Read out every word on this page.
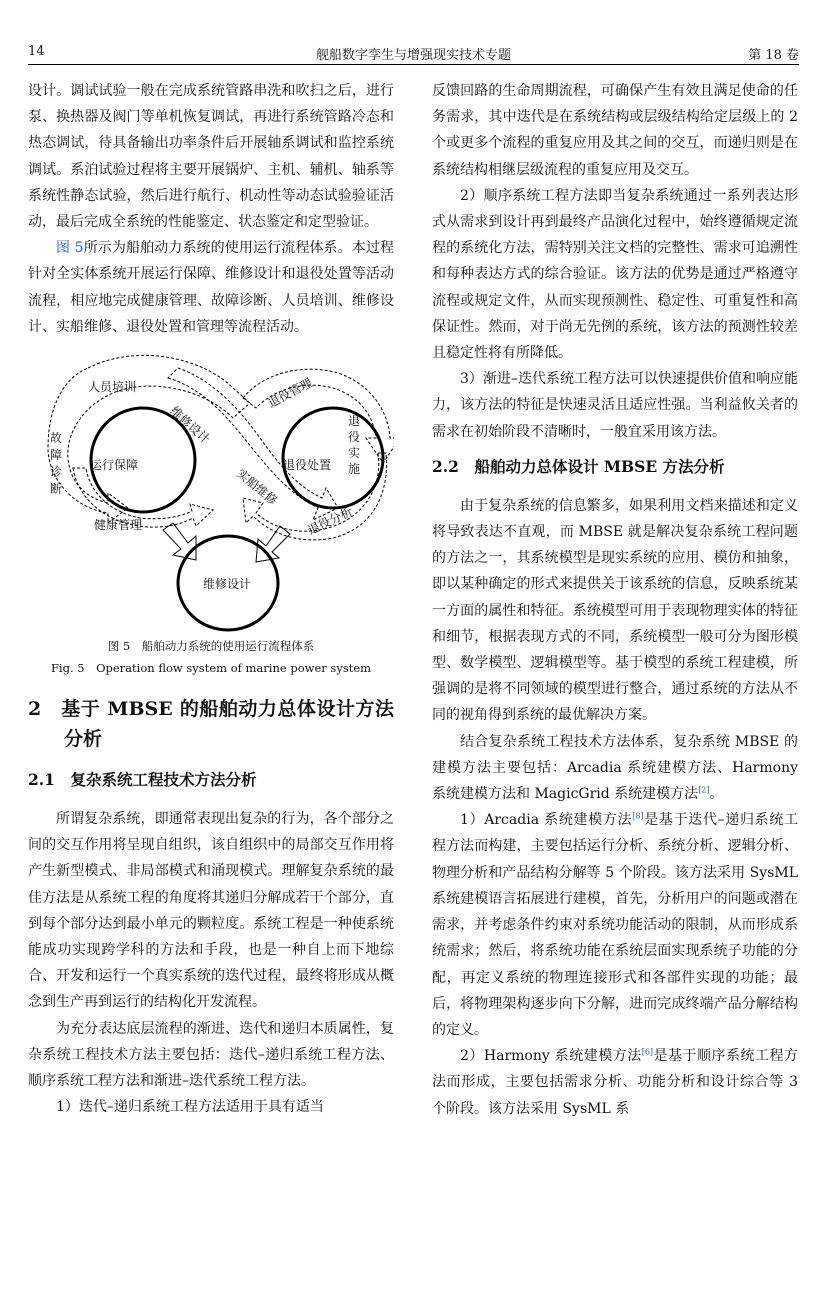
14	舰船数字孪生与增强现实技术专题	第 18 卷

设计。调试试验一般在完成系统管路串洗和吹扫之后，进行泵、换热器及阀门等单机恢复调试，再进行系统管路冷态和热态调试，待具备输出功率条件后开展轴系调试和监控系统调试。系泊试验过程将主要开展锅炉、主机、辅机、轴系等系统性静态试验，然后进行航行、机动性等动态试验验证活动，最后完成全系统的性能鉴定、状态鉴定和定型验证。

图 5所示为船舶动力系统的使用运行流程体系。本过程针对全实体系统开展运行保障、维修设计和退役处置等活动流程，相应地完成健康管理、故障诊断、人员培训、维修设计、实船维修、退役处置和管理等流程活动。

人员培训
故障诊断
运行保障
维修设计
退役管理
退役实施
退役处置
实船维修
退役分析
健康管理
维修设计
图 5　船舶动力系统的使用运行流程体系
Fig. 5　Operation flow system of marine power system
2　基于 MBSE 的船舶动力总体设计方法分析
2.1　复杂系统工程技术方法分析

所谓复杂系统，即通常表现出复杂的行为，各个部分之间的交互作用将呈现自组织，该自组织中的局部交互作用将产生新型模式、非局部模式和涌现模式。理解复杂系统的最佳方法是从系统工程的角度将其递归分解成若干个部分，直到每个部分达到最小单元的颗粒度。系统工程是一种使系统能成功实现跨学科的方法和手段，也是一种自上而下地综合、开发和运行一个真实系统的迭代过程，最终将形成从概念到生产再到运行的结构化开发流程。

为充分表达底层流程的渐进、迭代和递归本质属性，复杂系统工程技术方法主要包括：迭代–递归系统工程方法、顺序系统工程方法和渐进–迭代系统工程方法。

1）迭代–递归系统工程方法适用于具有适当

反馈回路的生命周期流程，可确保产生有效且满足使命的任务需求，其中迭代是在系统结构或层级结构给定层级上的 2 个或更多个流程的重复应用及其之间的交互，而递归则是在系统结构相继层级流程的重复应用及交互。

2）顺序系统工程方法即当复杂系统通过一系列表达形式从需求到设计再到最终产品演化过程中，始终遵循规定流程的系统化方法，需特别关注文档的完整性、需求可追溯性和每种表达方式的综合验证。该方法的优势是通过严格遵守流程或规定文件，从而实现预测性、稳定性、可重复性和高保证性。然而，对于尚无先例的系统，该方法的预测性较差且稳定性将有所降低。

3）渐进–迭代系统工程方法可以快速提供价值和响应能力，该方法的特征是快速灵活且适应性强。当利益攸关者的需求在初始阶段不清晰时，一般宜采用该方法。

2.2　船舶动力总体设计 MBSE 方法分析

由于复杂系统的信息繁多，如果利用文档来描述和定义将导致表达不直观，而 MBSE 就是解决复杂系统工程问题的方法之一，其系统模型是现实系统的应用、模仿和抽象，即以某种确定的形式来提供关于该系统的信息，反映系统某一方面的属性和特征。系统模型可用于表现物理实体的特征和细节，根据表现方式的不同，系统模型一般可分为图形模型、数学模型、逻辑模型等。基于模型的系统工程建模，所强调的是将不同领域的模型进行整合，通过系统的方法从不同的视角得到系统的最优解决方案。

结合复杂系统工程技术方法体系，复杂系统 MBSE 的建模方法主要包括：Arcadia 系统建模方法、Harmony 系统建模方法和 MagicGrid 系统建模方法[2]。

1）Arcadia 系统建模方法[8]是基于迭代–递归系统工程方法而构建，主要包括运行分析、系统分析、逻辑分析、物理分析和产品结构分解等 5 个阶段。该方法采用 SysML 系统建模语言拓展进行建模，首先，分析用户的问题或潜在需求，并考虑条件约束对系统功能活动的限制，从而形成系统需求；然后，将系统功能在系统层面实现系统子功能的分配，再定义系统的物理连接形式和各部件实现的功能；最后，将物理架构逐步向下分解，进而完成终端产品分解结构的定义。

2）Harmony 系统建模方法[6]是基于顺序系统工程方法而形成，主要包括需求分析、功能分析和设计综合等 3 个阶段。该方法采用 SysML 系
